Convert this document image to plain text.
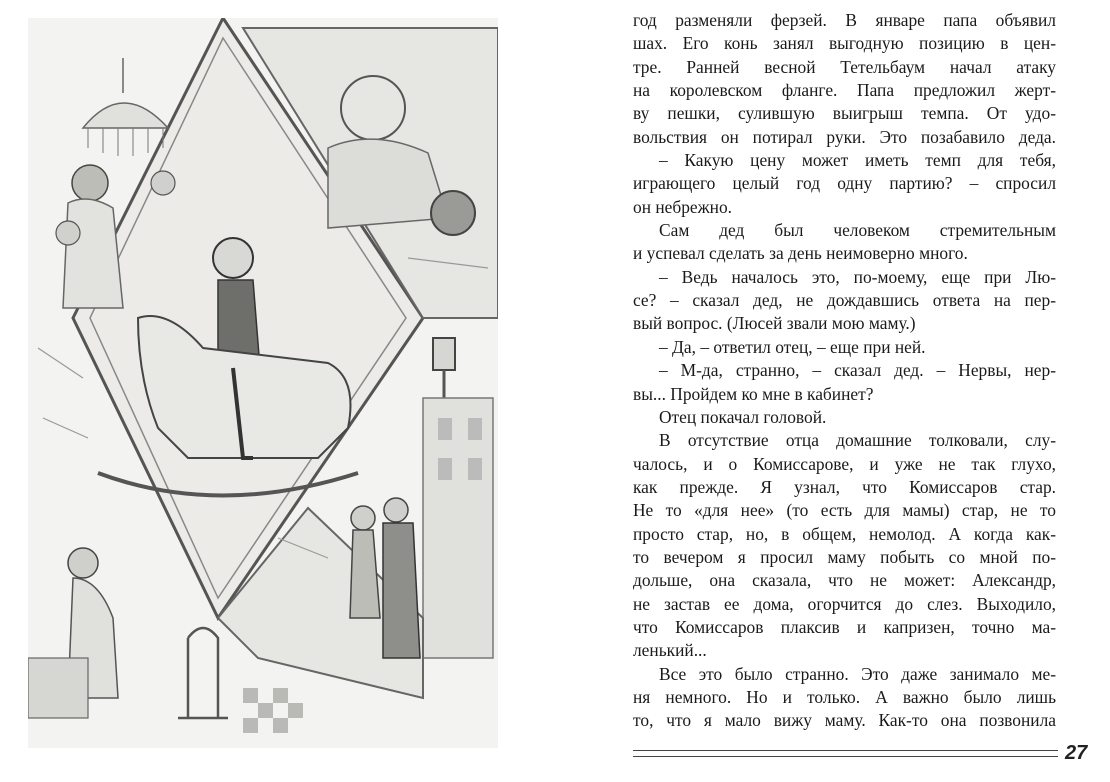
год разменяли ферзей. В январе папа объявил
шах. Его конь занял выгодную позицию в цен-
тре. Ранней весной Тетельбаум начал атаку
на королевском фланге. Папа предложил жерт-
ву пешки, сулившую выигрыш темпа. От удо-
вольствия он потирал руки. Это позабавило деда.
– Какую цену может иметь темп для тебя,
играющего целый год одну партию? – спросил
он небрежно.
Сам дед был человеком стремительным
и успевал сделать за день неимоверно много.
– Ведь началось это, по-моему, еще при Лю-
се? – сказал дед, не дождавшись ответа на пер-
вый вопрос. (Люсей звали мою маму.)
– Да, – ответил отец, – еще при ней.
– М-да, странно, – сказал дед. – Нервы, нер-
вы... Пройдем ко мне в кабинет?
Отец покачал головой.
В отсутствие отца домашние толковали, слу-
чалось, и о Комиссарове, и уже не так глухо,
как прежде. Я узнал, что Комиссаров стар.
Не то «для нее» (то есть для мамы) стар, не то
просто стар, но, в общем, немолод. А когда как-
то вечером я просил маму побыть со мной по-
дольше, она сказала, что не может: Александр,
не застав ее дома, огорчится до слез. Выходило,
что Комиссаров плаксив и капризен, точно ма-
ленький...
Все это было странно. Это даже занимало ме-
ня немного. Но и только. А важно было лишь
то, что я мало вижу маму. Как-то она позвонила
27
